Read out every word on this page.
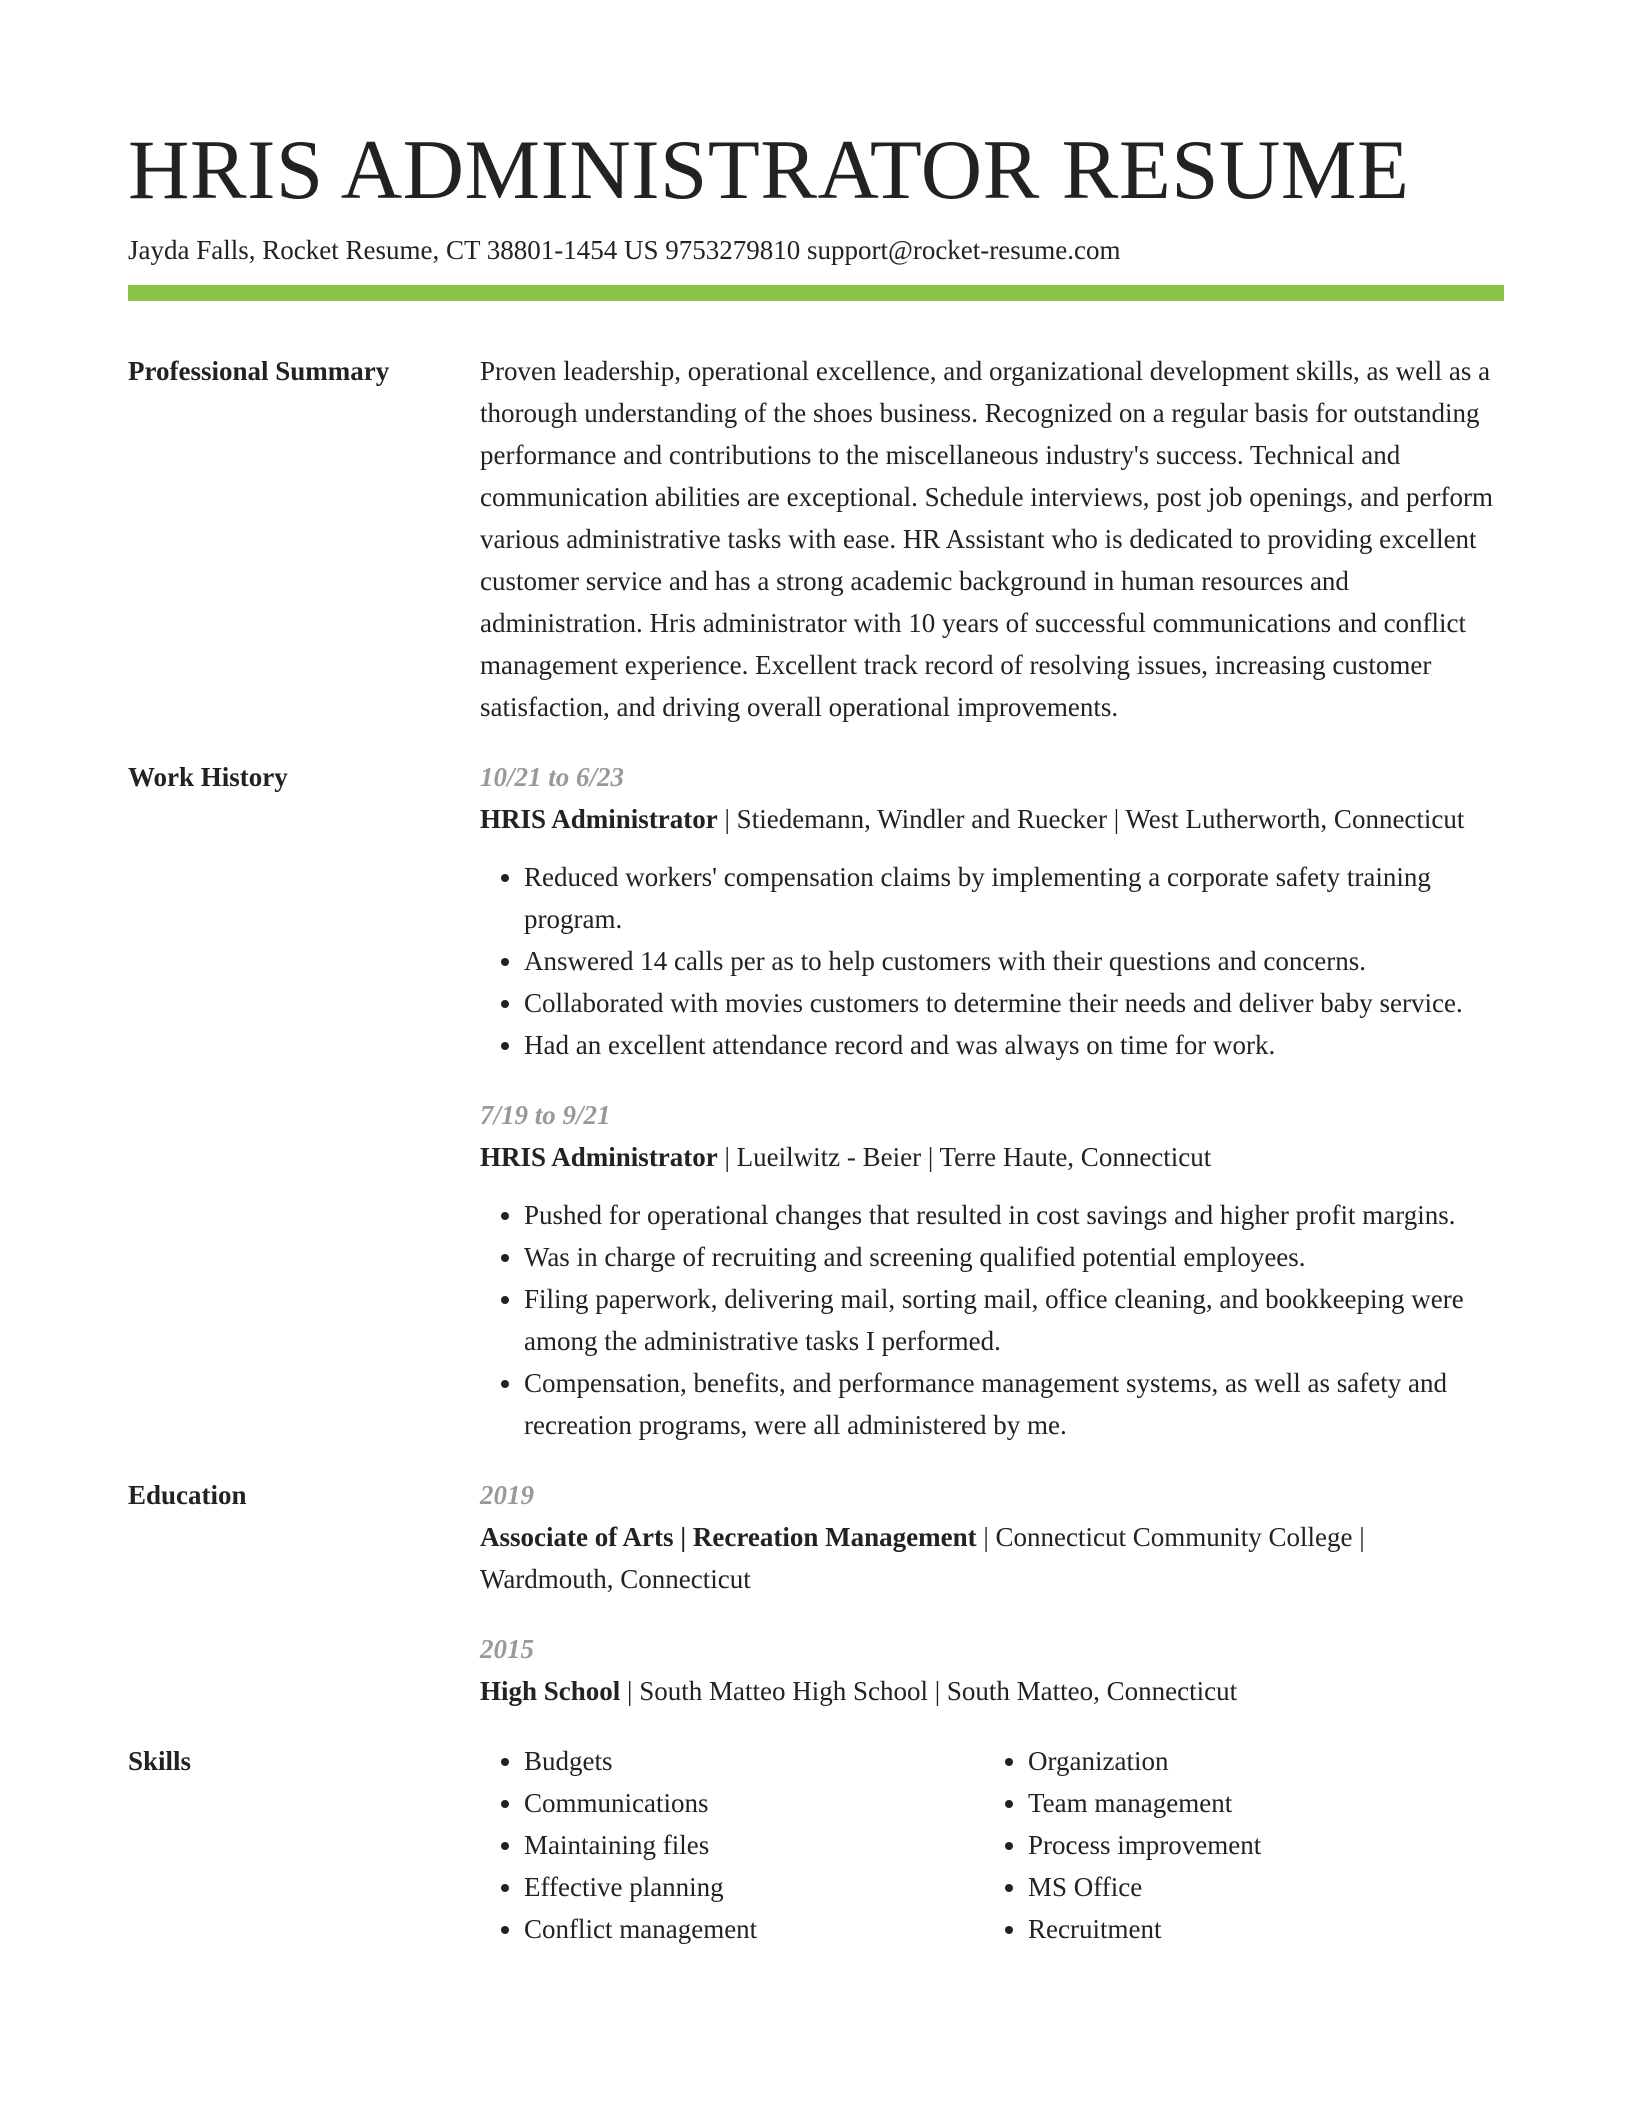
HRIS ADMINISTRATOR RESUME
Jayda Falls, Rocket Resume, CT 38801-1454 US 9753279810 support@rocket-resume.com
Professional Summary	Proven leadership, operational excellence, and organizational development skills, as well as a thorough understanding of the shoes business. Recognized on a regular basis for outstanding performance and contributions to the miscellaneous industry's success. Technical and communication abilities are exceptional. Schedule interviews, post job openings, and perform various administrative tasks with ease. HR Assistant who is dedicated to providing excellent customer service and has a strong academic background in human resources and administration. Hris administrator with 10 years of successful communications and conflict management experience. Excellent track record of resolving issues, increasing customer satisfaction, and driving overall operational improvements.

Work History	10/21 to 6/23
HRIS Administrator | Stiedemann, Windler and Ruecker | West Lutherworth, Connecticut
• Reduced workers' compensation claims by implementing a corporate safety training program.
• Answered 14 calls per as to help customers with their questions and concerns.
• Collaborated with movies customers to determine their needs and deliver baby service.
• Had an excellent attendance record and was always on time for work.
7/19 to 9/21
HRIS Administrator | Lueilwitz - Beier | Terre Haute, Connecticut
• Pushed for operational changes that resulted in cost savings and higher profit margins.
• Was in charge of recruiting and screening qualified potential employees.
• Filing paperwork, delivering mail, sorting mail, office cleaning, and bookkeeping were among the administrative tasks I performed.
• Compensation, benefits, and performance management systems, as well as safety and recreation programs, were all administered by me.
Education	2019
Associate of Arts | Recreation Management | Connecticut Community College | Wardmouth, Connecticut
2015
High School | South Matteo High School | South Matteo, Connecticut
Skills
•	Budgets
• Communications
• Maintaining files
• Effective planning
• Conflict management
• Organization
• Team management
• Process improvement
• MS Office
• Recruitment
